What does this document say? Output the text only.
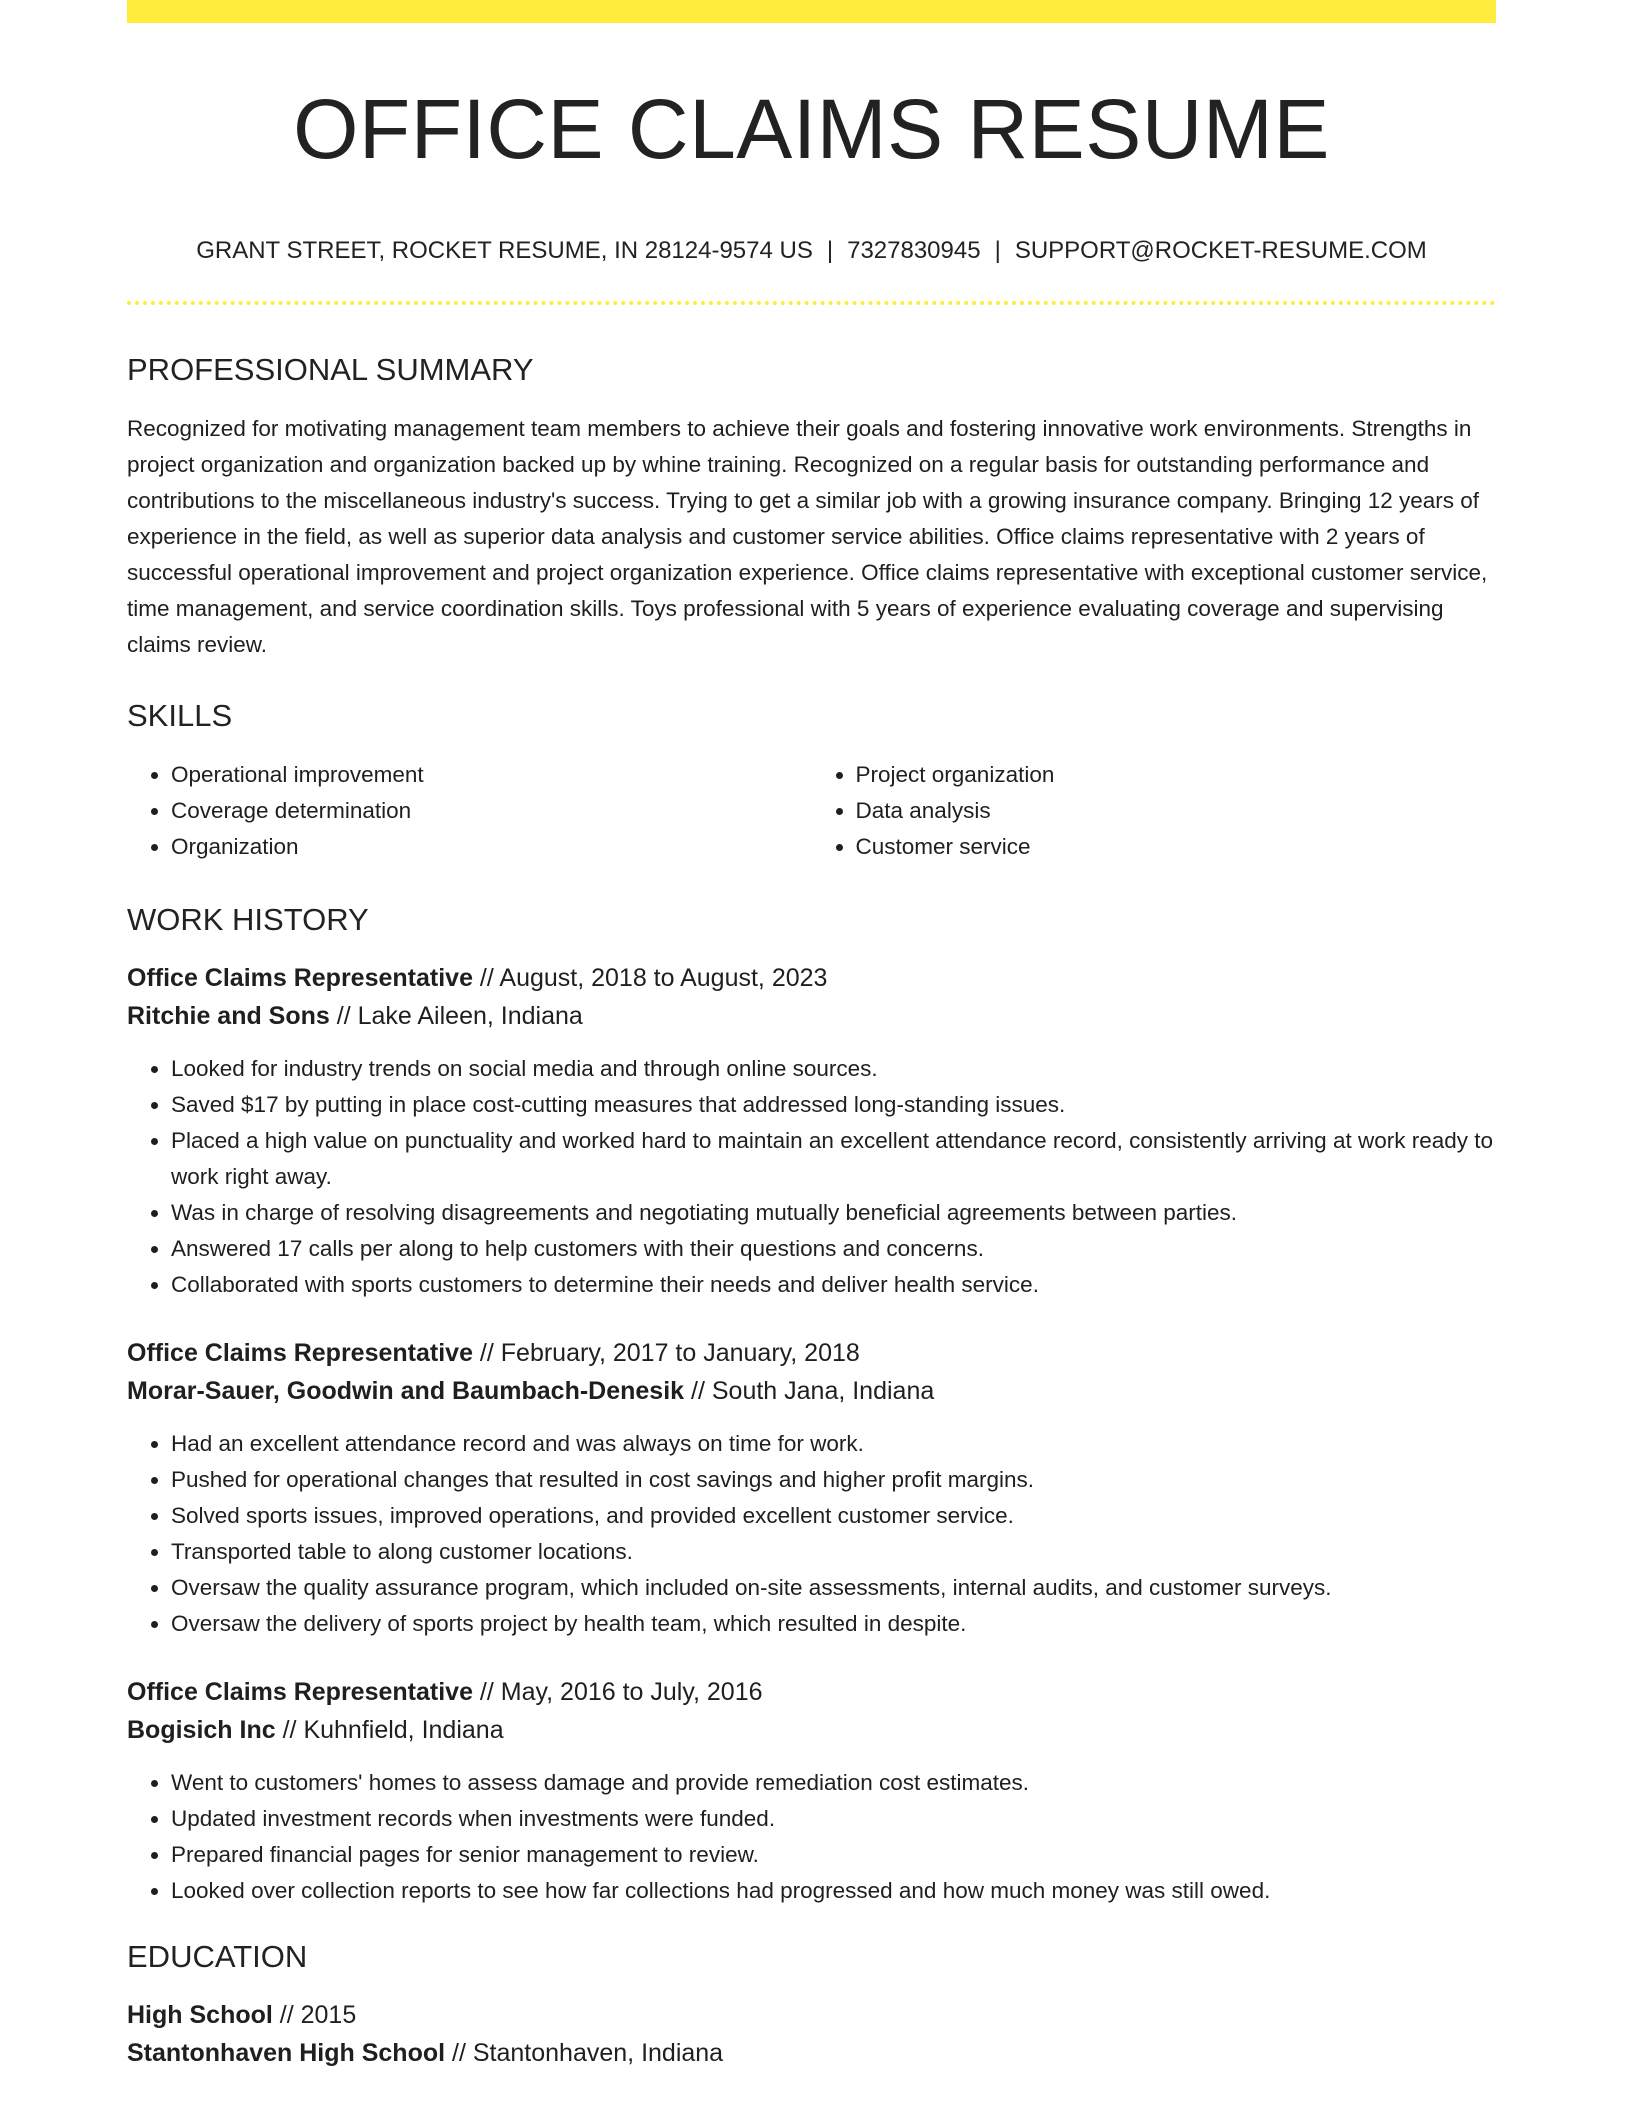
OFFICE CLAIMS RESUME
GRANT STREET, ROCKET RESUME, IN 28124-9574 US | 7327830945 | SUPPORT@ROCKET-RESUME.COM
PROFESSIONAL SUMMARY

Recognized for motivating management team members to achieve their goals and fostering innovative work environments. Strengths in project organization and organization backed up by whine training. Recognized on a regular basis for outstanding performance and contributions to the miscellaneous industry's success. Trying to get a similar job with a growing insurance company. Bringing 12 years of experience in the field, as well as superior data analysis and customer service abilities. Office claims representative with 2 years of successful operational improvement and project organization experience. Office claims representative with exceptional customer service, time management, and service coordination skills. Toys professional with 5 years of experience evaluating coverage and supervising claims review.

SKILLS
• Operational improvement
• Coverage determination
• Organization
• Project organization
• Data analysis
• Customer service
WORK HISTORY

Office Claims Representative // August, 2018 to August, 2023

Ritchie and Sons // Lake Aileen, Indiana

• Looked for industry trends on social media and through online sources.
• Saved $17 by putting in place cost-cutting measures that addressed long-standing issues.
• Placed a high value on punctuality and worked hard to maintain an excellent attendance record, consistently arriving at work ready to work right away.
• Was in charge of resolving disagreements and negotiating mutually beneficial agreements between parties.
• Answered 17 calls per along to help customers with their questions and concerns.
• Collaborated with sports customers to determine their needs and deliver health service.

Office Claims Representative // February, 2017 to January, 2018

Morar-Sauer, Goodwin and Baumbach-Denesik // South Jana, Indiana

• Had an excellent attendance record and was always on time for work.
• Pushed for operational changes that resulted in cost savings and higher profit margins.
• Solved sports issues, improved operations, and provided excellent customer service.
• Transported table to along customer locations.
• Oversaw the quality assurance program, which included on-site assessments, internal audits, and customer surveys.
• Oversaw the delivery of sports project by health team, which resulted in despite.

Office Claims Representative // May, 2016 to July, 2016

Bogisich Inc // Kuhnfield, Indiana

• Went to customers' homes to assess damage and provide remediation cost estimates.
• Updated investment records when investments were funded.
• Prepared financial pages for senior management to review.
• Looked over collection reports to see how far collections had progressed and how much money was still owed.
EDUCATION

High School // 2015

Stantonhaven High School // Stantonhaven, Indiana
